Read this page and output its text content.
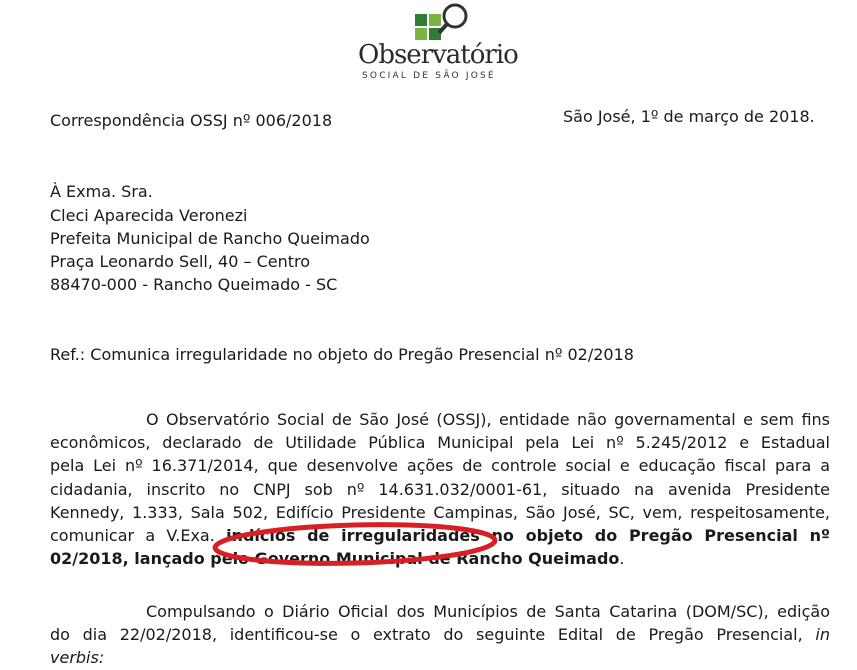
Observatório
SOCIAL DE SÃO JOSÉ
Correspondência OSSJ nº 006/2018	São José, 1º de março de 2018.
À Exma. Sra.
Cleci Aparecida Veronezi
Prefeita Municipal de Rancho Queimado
Praça Leonardo Sell, 40 – Centro
88470-000 - Rancho Queimado - SC
Ref.: Comunica irregularidade no objeto do Pregão Presencial nº 02/2018
O Observatório Social de São José (OSSJ), entidade não governamental e sem fins
econômicos, declarado de Utilidade Pública Municipal pela Lei nº 5.245/2012 e Estadual
pela Lei nº 16.371/2014, que desenvolve ações de controle social e educação fiscal para a
cidadania, inscrito no CNPJ sob nº 14.631.032/0001-61, situado na avenida Presidente
Kennedy, 1.333, Sala 502, Edifício Presidente Campinas, São José, SC, vem, respeitosamente,
comunicar a V.Exa. indícios de irregularidades no objeto do Pregão Presencial nº
02/2018, lançado pelo Governo Municipal de Rancho Queimado.
Compulsando o Diário Oficial dos Municípios de Santa Catarina (DOM/SC), edição
do dia 22/02/2018, identificou-se o extrato do seguinte Edital de Pregão Presencial, in
verbis:
